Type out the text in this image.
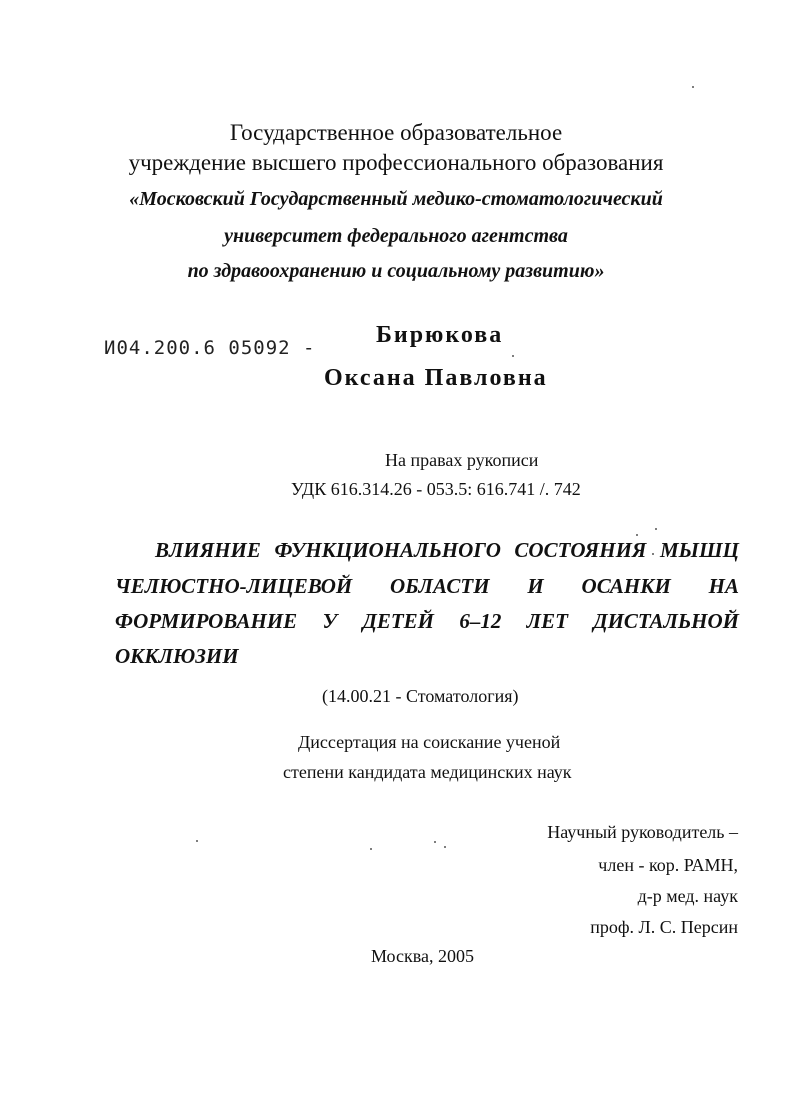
Государственное образовательное
учреждение высшего профессионального образования
«Московский Государственный медико-стоматологический
университет федерального агентства
по здравоохранению и социальному развитию»
И04.200.6 05092 -	Бирюкова
Оксана Павловна
На правах рукописи
УДК 616.314.26 - 053.5: 616.741 /. 742
ВЛИЯНИЕ ФУНКЦИОНАЛЬНОГО СОСТОЯНИЯ МЫШЦ
ЧЕЛЮСТНО-ЛИЦЕВОЙ ОБЛАСТИ И ОСАНКИ НА
ФОРМИРОВАНИЕ У ДЕТЕЙ 6–12 ЛЕТ ДИСТАЛЬНОЙ
ОККЛЮЗИИ
(14.00.21 - Стоматология)
Диссертация на соискание ученой
степени кандидата медицинских наук
Научный руководитель –
член - кор. РАМН,
д-р мед. наук
проф. Л. С. Персин
Москва, 2005
